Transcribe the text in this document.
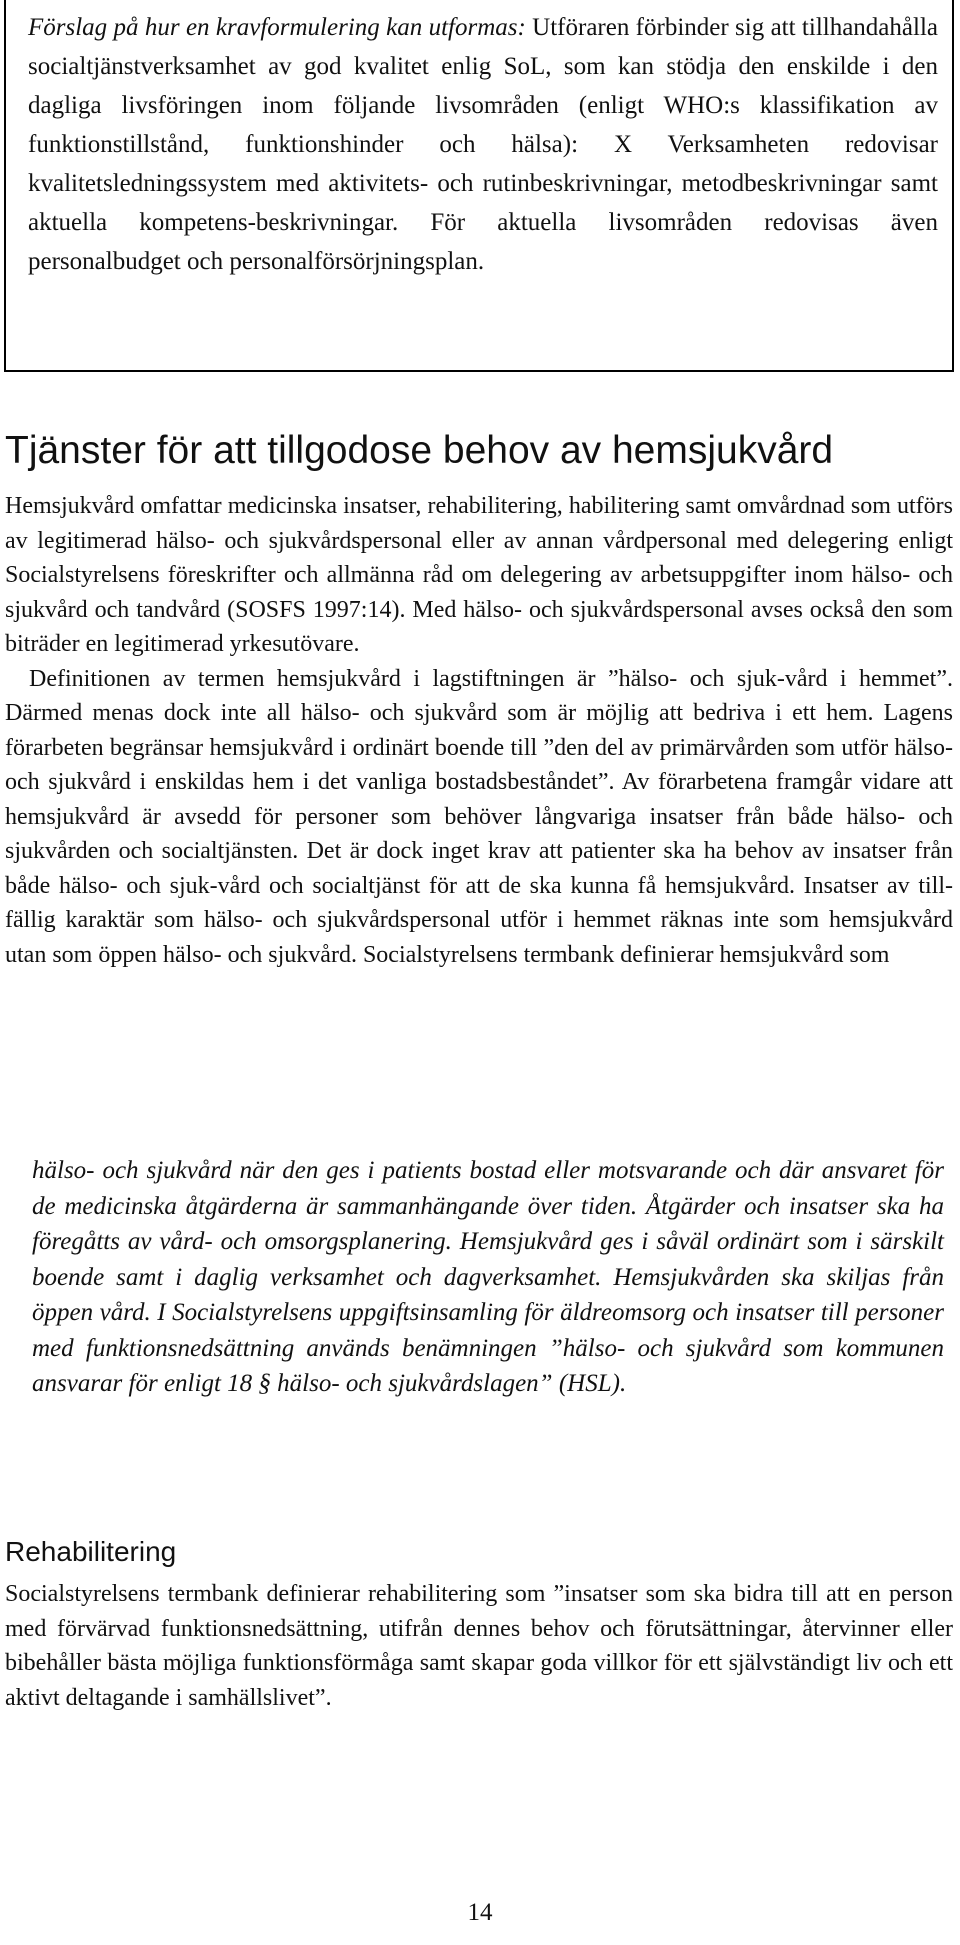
Förslag på hur en kravformulering kan utformas: Utföraren förbinder sig att tillhandahålla socialtjänstverksamhet av god kvalitet enlig SoL, som kan stödja den enskilde i den dagliga livsföringen inom följande livsområden (enligt WHO:s klassifikation av funktionstillstånd, funktionshinder och hälsa): X Verksamheten redovisar kvalitetsledningssystem med aktivitets- och rutinbeskrivningar, metodbeskrivningar samt aktuella kompetens-beskrivningar. För aktuella livsområden redovisas även personalbudget och personalförsörjningsplan.

Tjänster för att tillgodose behov av hemsjukvård

Hemsjukvård omfattar medicinska insatser, rehabilitering, habilitering samt omvårdnad som utförs av legitimerad hälso- och sjukvårdspersonal eller av annan vårdpersonal med delegering enligt Socialstyrelsens föreskrifter och allmänna råd om delegering av arbetsuppgifter inom hälso- och sjukvård och tandvård (SOSFS 1997:14). Med hälso- och sjukvårdspersonal avses också den som biträder en legitimerad yrkesutövare.

Definitionen av termen hemsjukvård i lagstiftningen är ”hälso- och sjuk-vård i hemmet”. Därmed menas dock inte all hälso- och sjukvård som är möjlig att bedriva i ett hem. Lagens förarbeten begränsar hemsjukvård i ordinärt boende till ”den del av primärvården som utför hälso- och sjukvård i enskildas hem i det vanliga bostadsbeståndet”. Av förarbetena framgår vidare att hemsjukvård är avsedd för personer som behöver långvariga insatser från både hälso- och sjukvården och socialtjänsten. Det är dock inget krav att patienter ska ha behov av insatser från både hälso- och sjuk-vård och socialtjänst för att de ska kunna få hemsjukvård. Insatser av till-fällig karaktär som hälso- och sjukvårdspersonal utför i hemmet räknas inte som hemsjukvård utan som öppen hälso- och sjukvård. Socialstyrelsens termbank definierar hemsjukvård som

hälso- och sjukvård när den ges i patients bostad eller motsvarande och där ansvaret för de medicinska åtgärderna är sammanhängande över tiden. Åtgärder och insatser ska ha föregåtts av vård- och omsorgsplanering. Hemsjukvård ges i såväl ordinärt som i särskilt boende samt i daglig verksamhet och dagverksamhet. Hemsjukvården ska skiljas från öppen vård. I Socialstyrelsens uppgiftsinsamling för äldreomsorg och insatser till personer med funktionsnedsättning används benämningen ”hälso- och sjukvård som kommunen ansvarar för enligt 18 § hälso- och sjukvårdslagen” (HSL).

Rehabilitering

Socialstyrelsens termbank definierar rehabilitering som ”insatser som ska bidra till att en person med förvärvad funktionsnedsättning, utifrån dennes behov och förutsättningar, återvinner eller bibehåller bästa möjliga funktionsförmåga samt skapar goda villkor för ett självständigt liv och ett aktivt deltagande i samhällslivet”.

14
